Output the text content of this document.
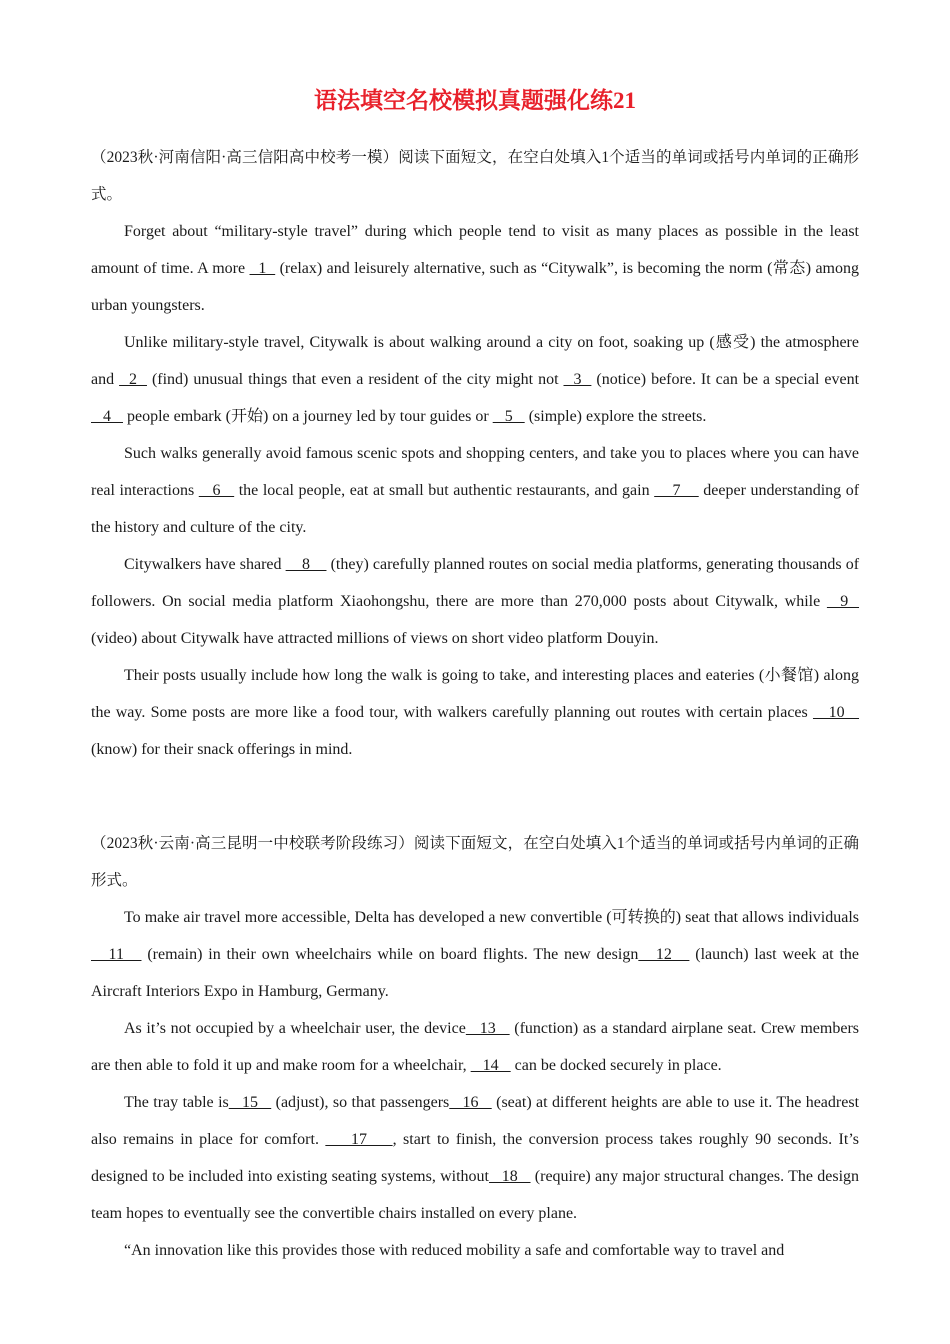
语法填空名校模拟真题强化练21

（2023秋·河南信阳·高三信阳高中校考一模）阅读下面短文，在空白处填入1个适当的单词或括号内单词的正确形式。

Forget about “military-style travel” during which people tend to visit as many places as possible in the least amount of time. A more   1   (relax) and leisurely alternative, such as “Citywalk”, is becoming the norm (常态) among urban youngsters.

Unlike military-style travel, Citywalk is about walking around a city on foot, soaking up (感受) the atmosphere and   2   (find) unusual things that even a resident of the city might not   3   (notice) before. It can be a special event    4    people embark (开始) on a journey led by tour guides or    5    (simple) explore the streets.

Such walks generally avoid famous scenic spots and shopping centers, and take you to places where you can have real interactions    6    the local people, eat at small but authentic restaurants, and gain     7     deeper understanding of the history and culture of the city.

Citywalkers have shared     8     (they) carefully planned routes on social media platforms, generating thousands of followers. On social media platform Xiaohongshu, there are more than 270,000 posts about Citywalk, while   9   (video) about Citywalk have attracted millions of views on short video platform Douyin.

Their posts usually include how long the walk is going to take, and interesting places and eateries (小餐馆) along the way. Some posts are more like a food tour, with walkers carefully planning out routes with certain places    10    (know) for their snack offerings in mind.

（2023秋·云南·高三昆明一中校联考阶段练习）阅读下面短文，在空白处填入1个适当的单词或括号内单词的正确形式。

To make air travel more accessible, Delta has developed a new convertible (可转换的) seat that allows individuals   11    (remain) in their own wheelchairs while on board flights. The new design   12    (launch) last week at the Aircraft Interiors Expo in Hamburg, Germany.

As it’s not occupied by a wheelchair user, the device   13    (function) as a standard airplane seat. Crew members are then able to fold it up and make room for a wheelchair,    14    can be docked securely in place.

The tray table is   15    (adjust), so that passengers   16    (seat) at different heights are able to use it. The headrest also remains in place for comfort.     17    , start to finish, the conversion process takes roughly 90 seconds. It’s designed to be included into existing seating systems, without   18    (require) any major structural changes. The design team hopes to eventually see the convertible chairs installed on every plane.

“An innovation like this provides those with reduced mobility a safe and comfortable way to travel and
